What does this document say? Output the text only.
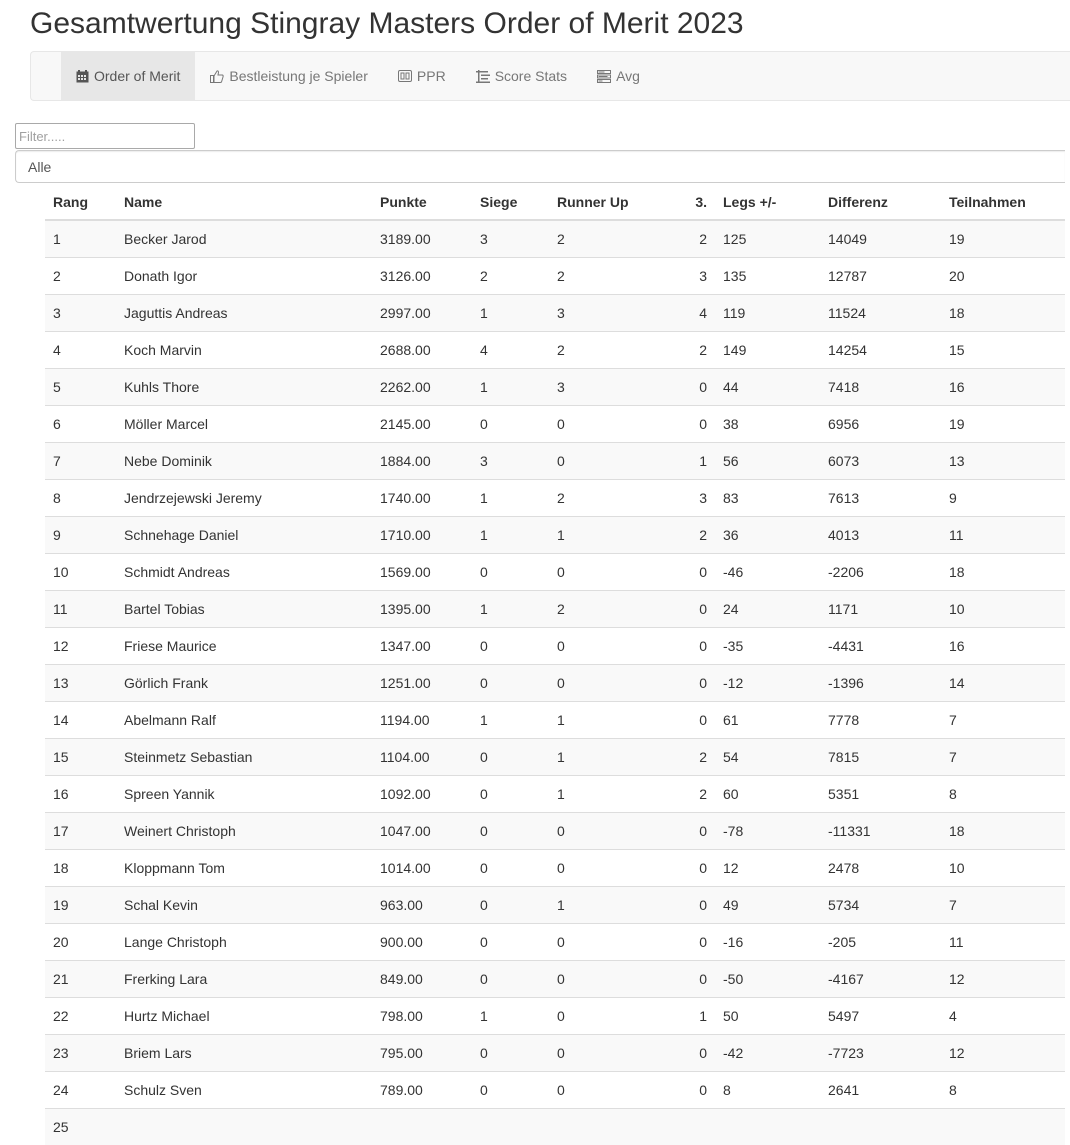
Gesamtwertung Stingray Masters Order of Merit 2023
Order of Merit	Bestleistung je Spieler	PPR	Score Stats	Avg
Filter.....
Alle
Rang	Name	Punkte	Siege	Runner Up	3.	Legs +/-	Differenz	Teilnahmen
1	Becker Jarod	3189.00	3	2	2	125	14049	19
2	Donath Igor	3126.00	2	2	3	135	12787	20
3	Jaguttis Andreas	2997.00	1	3	4	119	11524	18
4	Koch Marvin	2688.00	4	2	2	149	14254	15
5	Kuhls Thore	2262.00	1	3	0	44	7418	16
6	Möller Marcel	2145.00	0	0	0	38	6956	19
7	Nebe Dominik	1884.00	3	0	1	56	6073	13
8	Jendrzejewski Jeremy	1740.00	1	2	3	83	7613	9
9	Schnehage Daniel	1710.00	1	1	2	36	4013	11
10	Schmidt Andreas	1569.00	0	0	0	-46	-2206	18
11	Bartel Tobias	1395.00	1	2	0	24	1171	10
12	Friese Maurice	1347.00	0	0	0	-35	-4431	16
13	Görlich Frank	1251.00	0	0	0	-12	-1396	14
14	Abelmann Ralf	1194.00	1	1	0	61	7778	7
15	Steinmetz Sebastian	1104.00	0	1	2	54	7815	7
16	Spreen Yannik	1092.00	0	1	2	60	5351	8
17	Weinert Christoph	1047.00	0	0	0	-78	-11331	18
18	Kloppmann Tom	1014.00	0	0	0	12	2478	10
19	Schal Kevin	963.00	0	1	0	49	5734	7
20	Lange Christoph	900.00	0	0	0	-16	-205	11
21	Frerking Lara	849.00	0	0	0	-50	-4167	12
22	Hurtz Michael	798.00	1	0	1	50	5497	4
23	Briem Lars	795.00	0	0	0	-42	-7723	12
24	Schulz Sven	789.00	0	0	0	8	2641	8
25								
